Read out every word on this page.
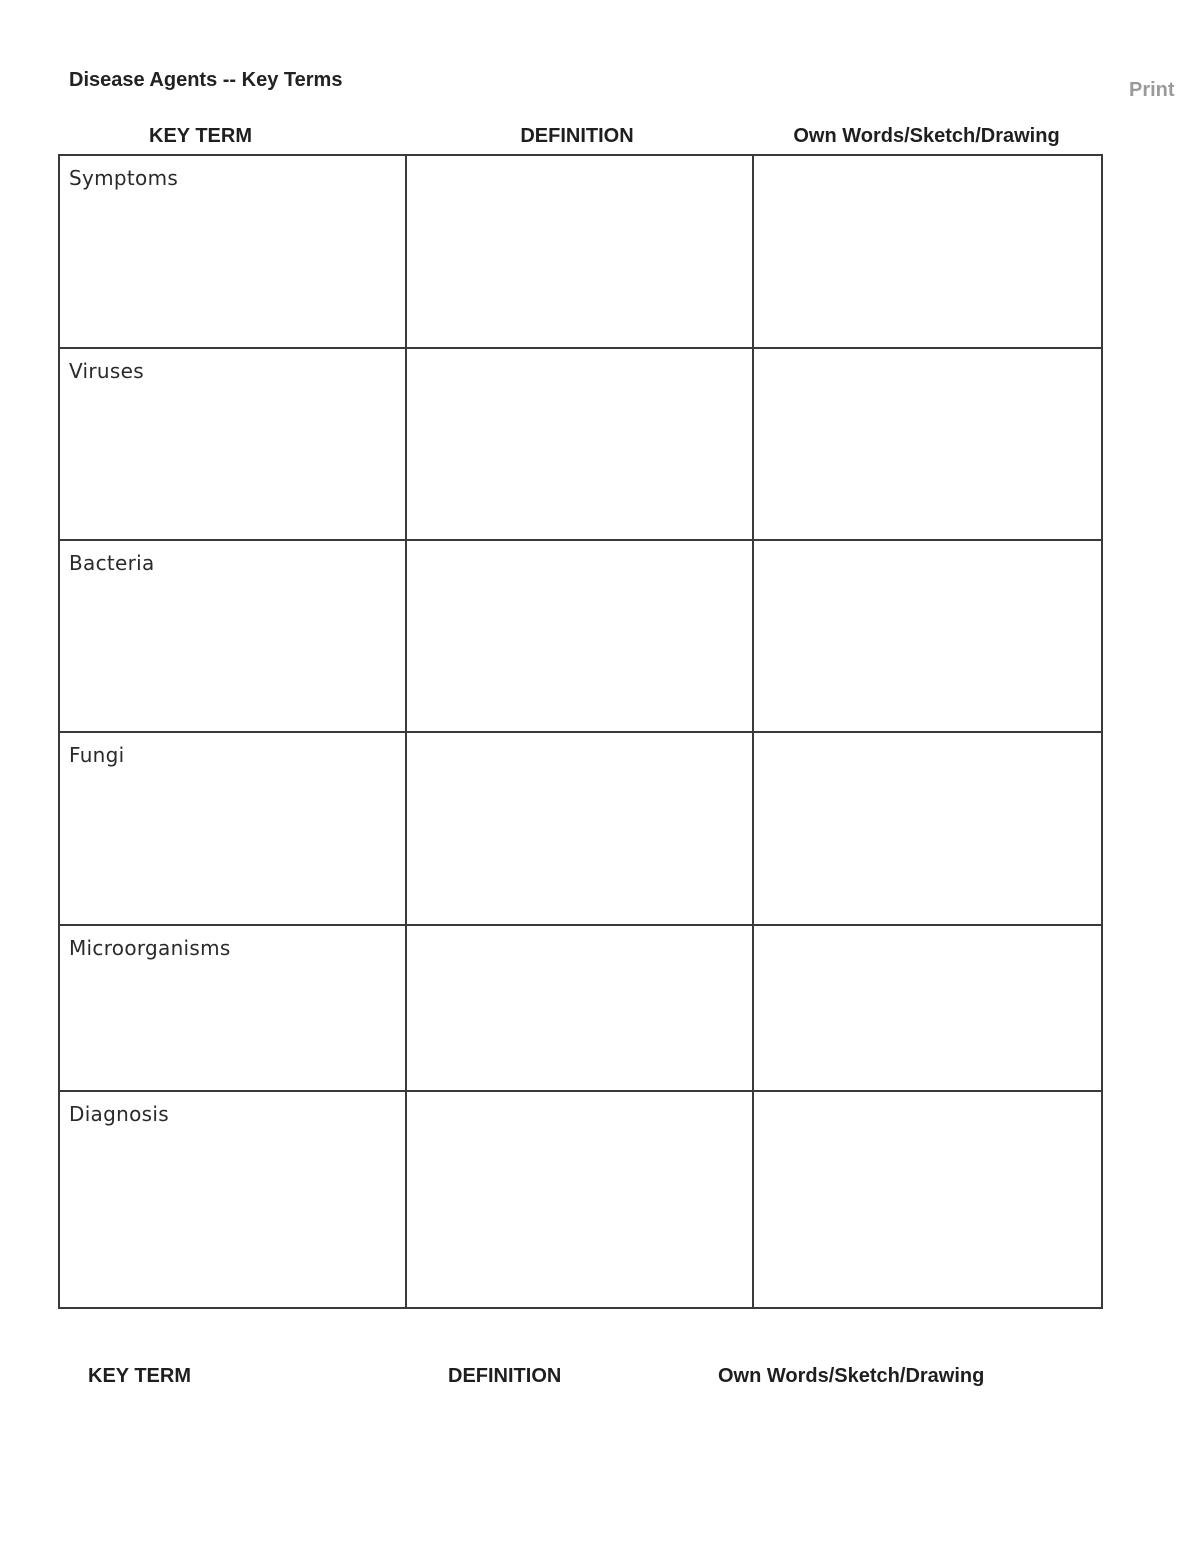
Disease Agents -- Key Terms	Print
KEY TERM	DEFINITION	Own Words/Sketch/Drawing
Symptoms		

Viruses		

Bacteria		

Fungi		

Microorganisms		

Diagnosis		

KEY TERM	DEFINITION	Own Words/Sketch/Drawing
